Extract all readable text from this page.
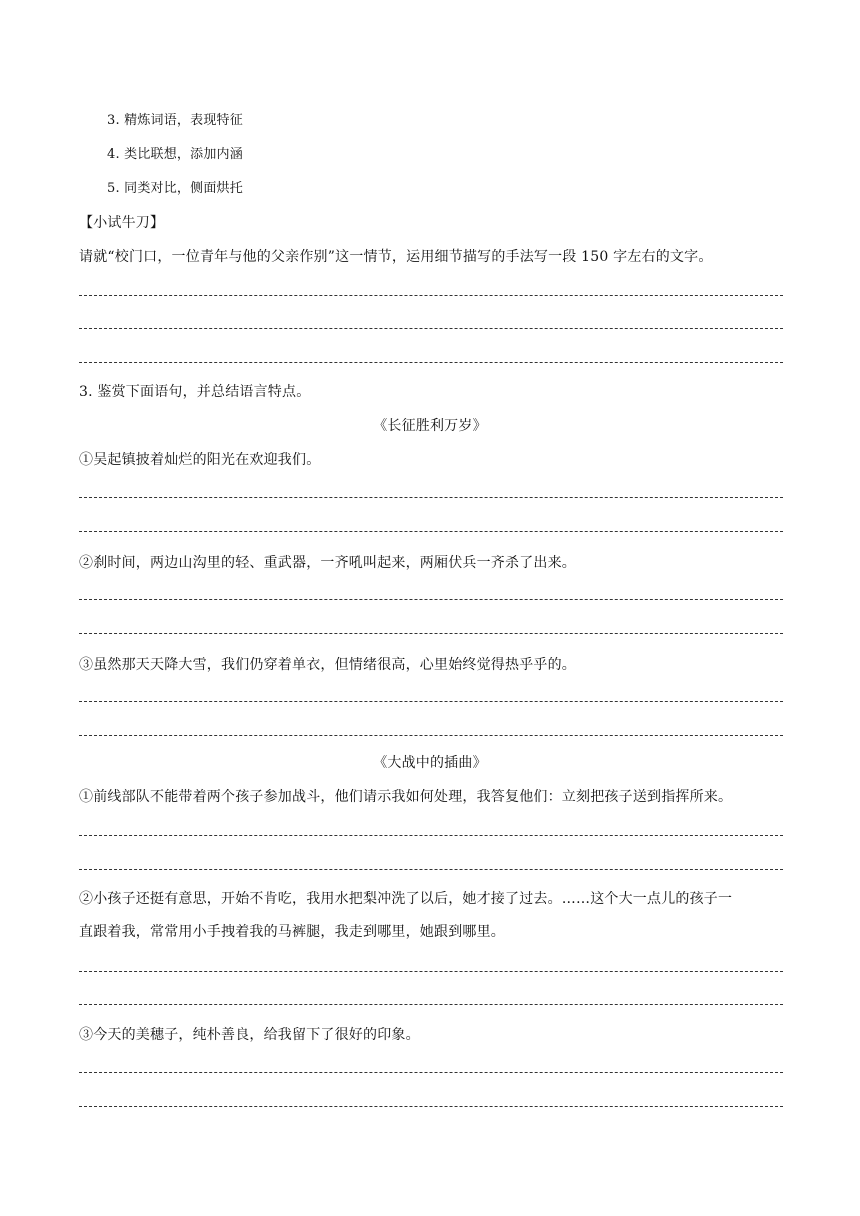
3. 精炼词语，表现特征
4. 类比联想，添加内涵
5. 同类对比，侧面烘托
【小试牛刀】
请就“校门口，一位青年与他的父亲作别”这一情节，运用细节描写的手法写一段 150 字左右的文字。
3. 鉴赏下面语句，并总结语言特点。
《长征胜利万岁》
①吴起镇披着灿烂的阳光在欢迎我们。
②刹时间，两边山沟里的轻、重武器，一齐吼叫起来，两厢伏兵一齐杀了出来。
③虽然那天天降大雪，我们仍穿着单衣，但情绪很高，心里始终觉得热乎乎的。
《大战中的插曲》
①前线部队不能带着两个孩子参加战斗，他们请示我如何处理，我答复他们：立刻把孩子送到指挥所来。
②小孩子还挺有意思，开始不肯吃，我用水把梨冲洗了以后，她才接了过去。……这个大一点儿的孩子一
直跟着我，常常用小手拽着我的马裤腿，我走到哪里，她跟到哪里。
③今天的美穗子，纯朴善良，给我留下了很好的印象。
